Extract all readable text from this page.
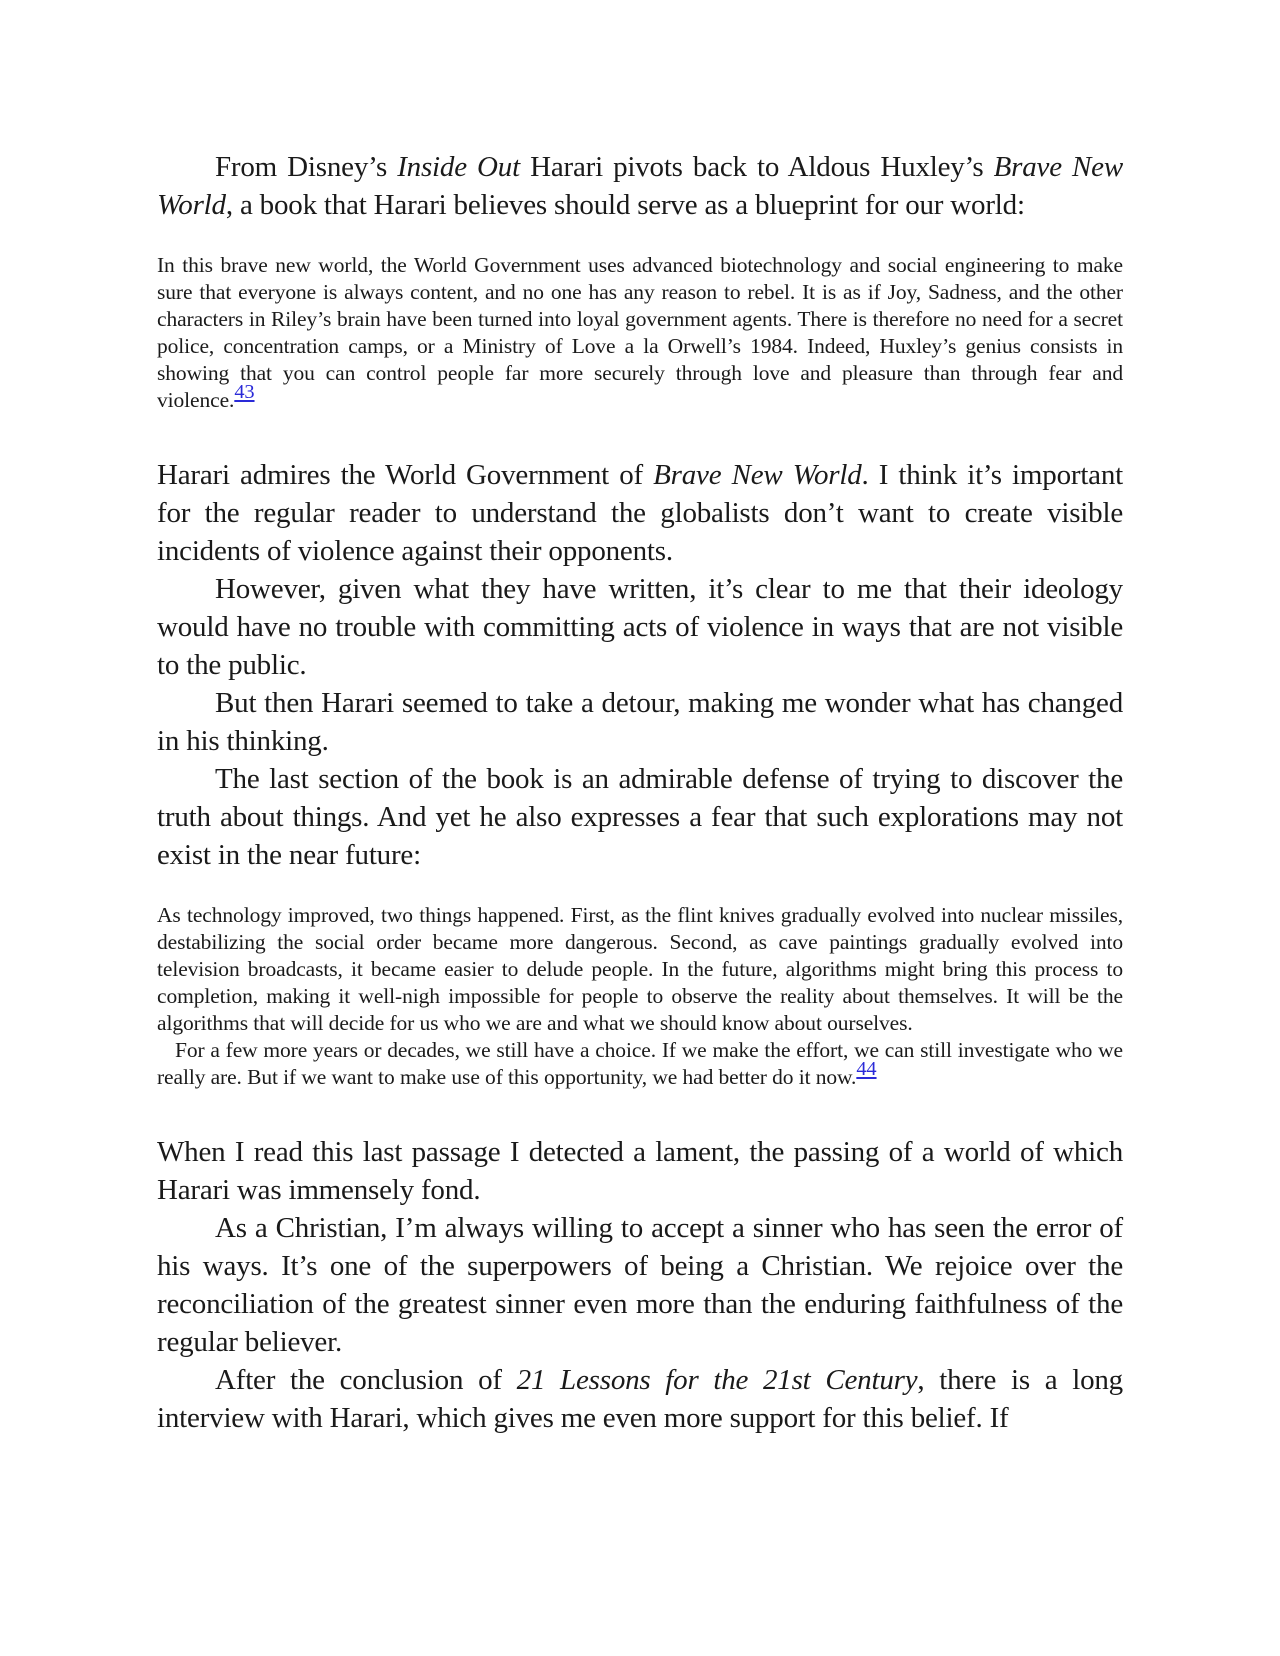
From Disney’s Inside Out Harari pivots back to Aldous Huxley’s Brave New World, a book that Harari believes should serve as a blueprint for our world:

In this brave new world, the World Government uses advanced biotechnology and social engineering to make sure that everyone is always content, and no one has any reason to rebel. It is as if Joy, Sadness, and the other characters in Riley’s brain have been turned into loyal government agents. There is therefore no need for a secret police, concentration camps, or a Ministry of Love a la Orwell’s 1984. Indeed, Huxley’s genius consists in showing that you can control people far more securely through love and pleasure than through fear and violence.43

Harari admires the World Government of Brave New World. I think it’s important for the regular reader to understand the globalists don’t want to create visible incidents of violence against their opponents.

However, given what they have written, it’s clear to me that their ideology would have no trouble with committing acts of violence in ways that are not visible to the public.

But then Harari seemed to take a detour, making me wonder what has changed in his thinking.

The last section of the book is an admirable defense of trying to discover the truth about things. And yet he also expresses a fear that such explorations may not exist in the near future:

As technology improved, two things happened. First, as the flint knives gradually evolved into nuclear missiles, destabilizing the social order became more dangerous. Second, as cave paintings gradually evolved into television broadcasts, it became easier to delude people. In the future, algorithms might bring this process to completion, making it well-nigh impossible for people to observe the reality about themselves. It will be the algorithms that will decide for us who we are and what we should know about ourselves.

For a few more years or decades, we still have a choice. If we make the effort, we can still investigate who we really are. But if we want to make use of this opportunity, we had better do it now.44

When I read this last passage I detected a lament, the passing of a world of which Harari was immensely fond.

As a Christian, I’m always willing to accept a sinner who has seen the error of his ways. It’s one of the superpowers of being a Christian. We rejoice over the reconciliation of the greatest sinner even more than the enduring faithfulness of the regular believer.

After the conclusion of 21 Lessons for the 21st Century, there is a long interview with Harari, which gives me even more support for this belief. If
